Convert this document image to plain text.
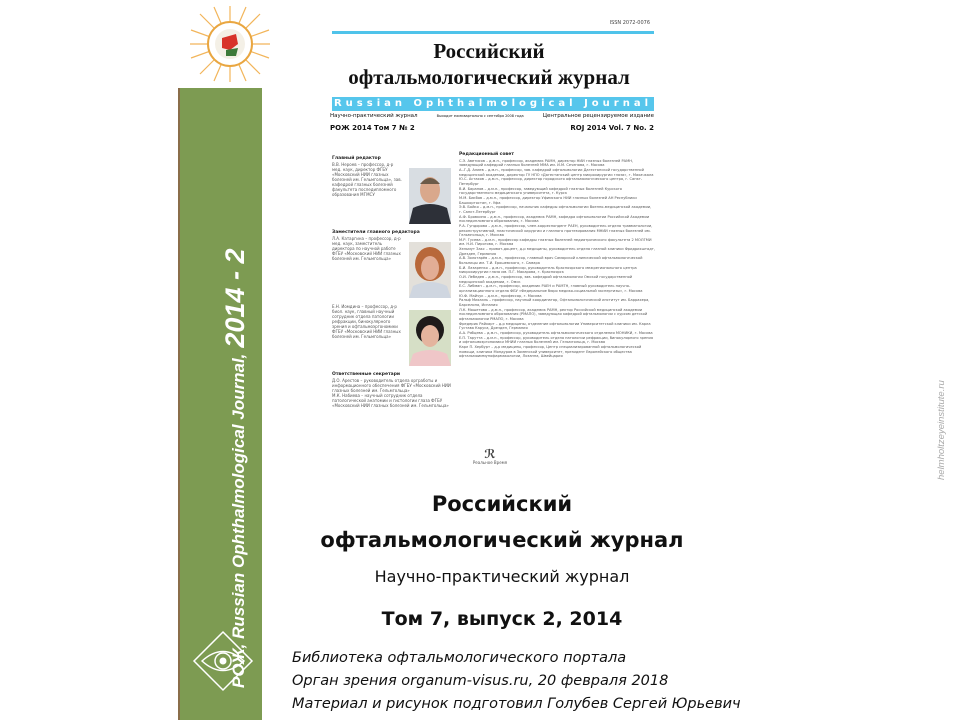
РОЖ, Russian Ophthalmological Journal,2014 - 2
ISSN 2072-0076
Российский
офтальмологический журнал
Russian Ophthalmological Journal
Научно-практический журнал	Выходит ежеквартально с сентября 2008 года	Центральное рецензируемое издание
РОЖ 2014 Том 7 № 2	ROJ 2014 Vol. 7 No. 2
Главный редактор
В.В. Нероев – профессор, д-р мед. наук, директор ФГБУ «Московский НИИ глазных болезней им. Гельмгольца», зав. кафедрой глазных болезней факультета последипломного образования МГМСУ
Заместители главного редактора
Л.А. Катаргина – профессор, д-р мед. наук, заместитель директора по научной работе ФГБУ «Московский НИИ глазных болезней им. Гельмгольца»
Е.Н. Иомдина – профессор, д-р биол. наук, главный научный сотрудник отдела патологии рефракции, бинокулярного зрения и офтальмоэргономики ФГБУ «Московский НИИ глазных болезней им. Гельмгольца»
Ответственные секретари
Д.О. Арестов – руководитель отдела оргработы и информационного обеспечения ФГБУ «Московский НИИ глазных болезней им. Гельмгольца»
М.К. Набиева – научный сотрудник отдела патологической анатомии и гистологии глаза ФГБУ «Московский НИИ глазных болезней им. Гельмгольца»
Редакционный совет
С.Э. Аветисов – д.м.н., профессор, академик РАМН, директор НИИ глазных болезней РАМН, заведующий кафедрой глазных болезней ММА им. И.М. Сеченова, г. Москва
А.-Г.Д. Алиев – д.м.н., профессор, зав. кафедрой офтальмологии Дагестанской государственной медицинской академии, директор ГУ НПО «Дагестанский центр микрохирургии глаза», г. Махачкала
Ю.С. Астахов – д.м.н., профессор, директор городского офтальмологического центра, г. Санкт-Петербург
В.И. Баранов – д.м.н., профессор, заведующий кафедрой глазных болезней Курского государственного медицинского университета, г. Курск
М.М. Бикбов – д.м.н., профессор, директор Уфимского НИИ глазных болезней АН Республики Башкортостан, г. Уфа
Э.В. Бойко – д.м.н., профессор, начальник кафедры офтальмологии Военно-медицинской академии, г. Санкт-Петербург
А.Ф. Бровкина – д.м.н., профессор, академик РАМН, кафедра офтальмологии Российской Академии последипломного образования, г. Москва
Р.А. Гундорова – д.м.н., профессор, член-корреспондент РАЕН, руководитель отдела травматологии, реконструктивной, пластической хирургии и глазного протезирования МНИИ глазных болезней им. Гельмгольца, г. Москва
М.Р. Гусева – д.м.н., профессор кафедры глазных болезней педиатрического факультета 2 МОЛГМИ им. Н.И. Пирогова, г. Москва
Хельмут Закс – приват-доцент, д-р медицины, руководитель отдела глазной клиники Фридрихштадт, Дрезден, Германия
А.В. Золотарёв – д.м.н., профессор, главный врач Самарской клинической офтальмологической больницы им. Т.И. Ерошевского, г. Самара
Б.И. Лазаренко – д.м.н., профессор, руководитель Красноярского межрегионального центра микрохирургии глаза им. П.Г. Макарова, г. Красноярск
О.И. Лебедев – д.м.н., профессор, зав. кафедрой офтальмологии Омской государственной медицинской академии, г. Омск
Е.С. Либман – д.м.н., профессор, академик РАЕН и РАМТН, главный руководитель научно-организационного отдела ФБУ «Федеральное бюро медико-социальной экспертизы», г. Москва
Ю.Ф. Майчук – д.м.н., профессор, г. Москва
Ральф Михаэль – профессор, научный координатор, Офтальмологический институт им. Баррахера, Барселона, Испания
Л.К. Мошетова – д.м.н., профессор, академик РАМН, ректор Российской медицинской академии последипломного образования (РМАПО), заведующая кафедрой офтальмологии с курсом детской офтальмологии РМАПО, г. Москва
Фредерик Райхарт – д-р медицины, отделение офтальмологии Университетской клиники им. Карла Густава Каруса, Дрезден, Германия
А.А. Рябцева – д.м.н., профессор, руководитель офтальмологического отделения МОНИКИ, г. Москва
Е.П. Тарутта – д.м.н., профессор, руководитель отдела патологии рефракции, бинокулярного зрения и офтальмоэргономики МНИИ глазных болезней им. Гельмгольца, г. Москва
Карл П. Хербурт – д-р медицины, профессор, Центр специализированной офтальмологической помощи, клиника Мондуров в Зоменской университет, президент Европейского общества офтальмоиммунофармакологии, Лозанна, Швейцария
ℛ
Реальное Время
Российский
офтальмологический журнал
Научно-практический журнал
Том 7, выпуск 2, 2014
Библиотека офтальмологического портала
Орган зрения organum-visus.ru, 20 февраля 2018
Материал и рисунок подготовил Голубев Сергей Юрьевич
helmholtzeyeinstitute.ru
